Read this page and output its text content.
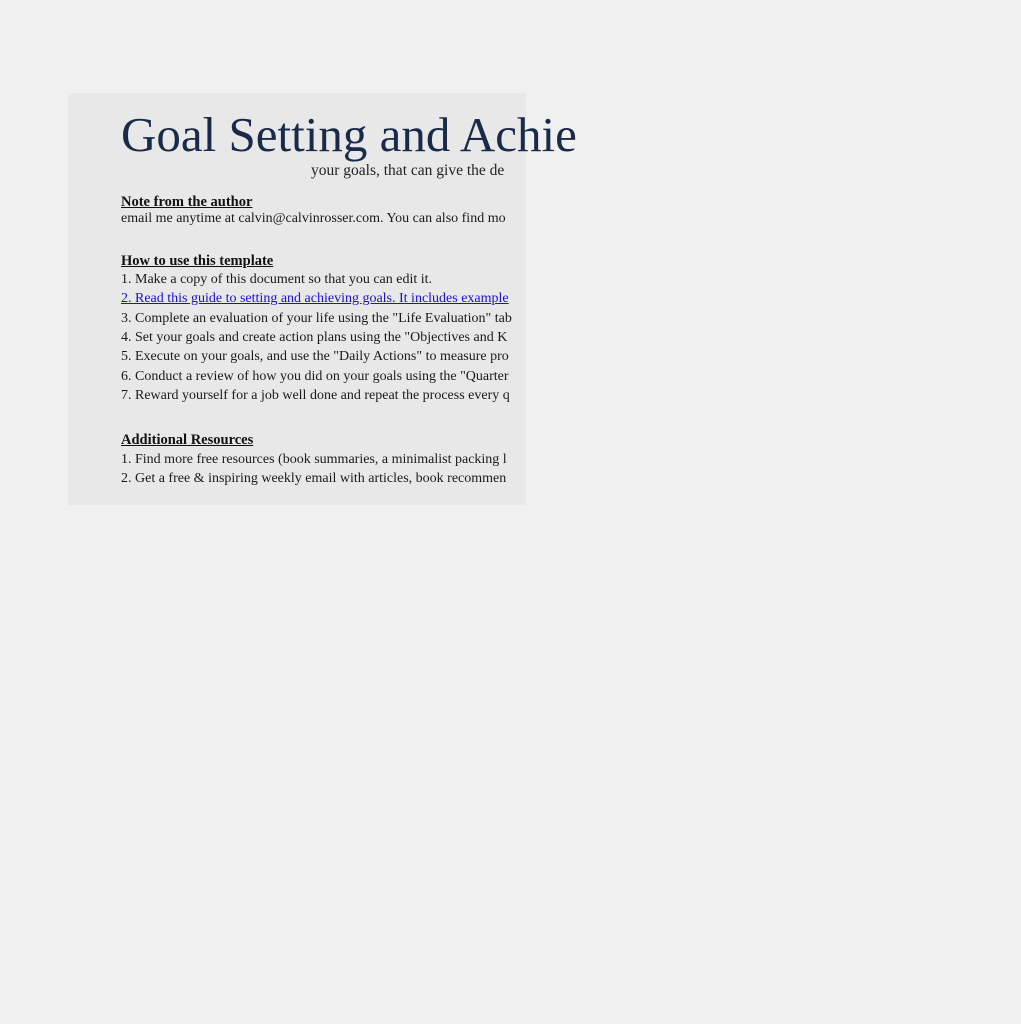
Goal Setting and Achie
your goals, that can give the de
Note from the author
email me anytime at calvin@calvinrosser.com. You can also find mo
How to use this template
1. Make a copy of this document so that you can edit it.
2. Read this guide to setting and achieving goals. It includes example
3. Complete an evaluation of your life using the "Life Evaluation" tab
4. Set your goals and create action plans using the "Objectives and K
5. Execute on your goals, and use the "Daily Actions" to measure pro
6. Conduct a review of how you did on your goals using the "Quarter
7. Reward yourself for a job well done and repeat the process every q
Additional Resources
1. Find more free resources (book summaries, a minimalist packing l
2. Get a free & inspiring weekly email with articles, book recommen
